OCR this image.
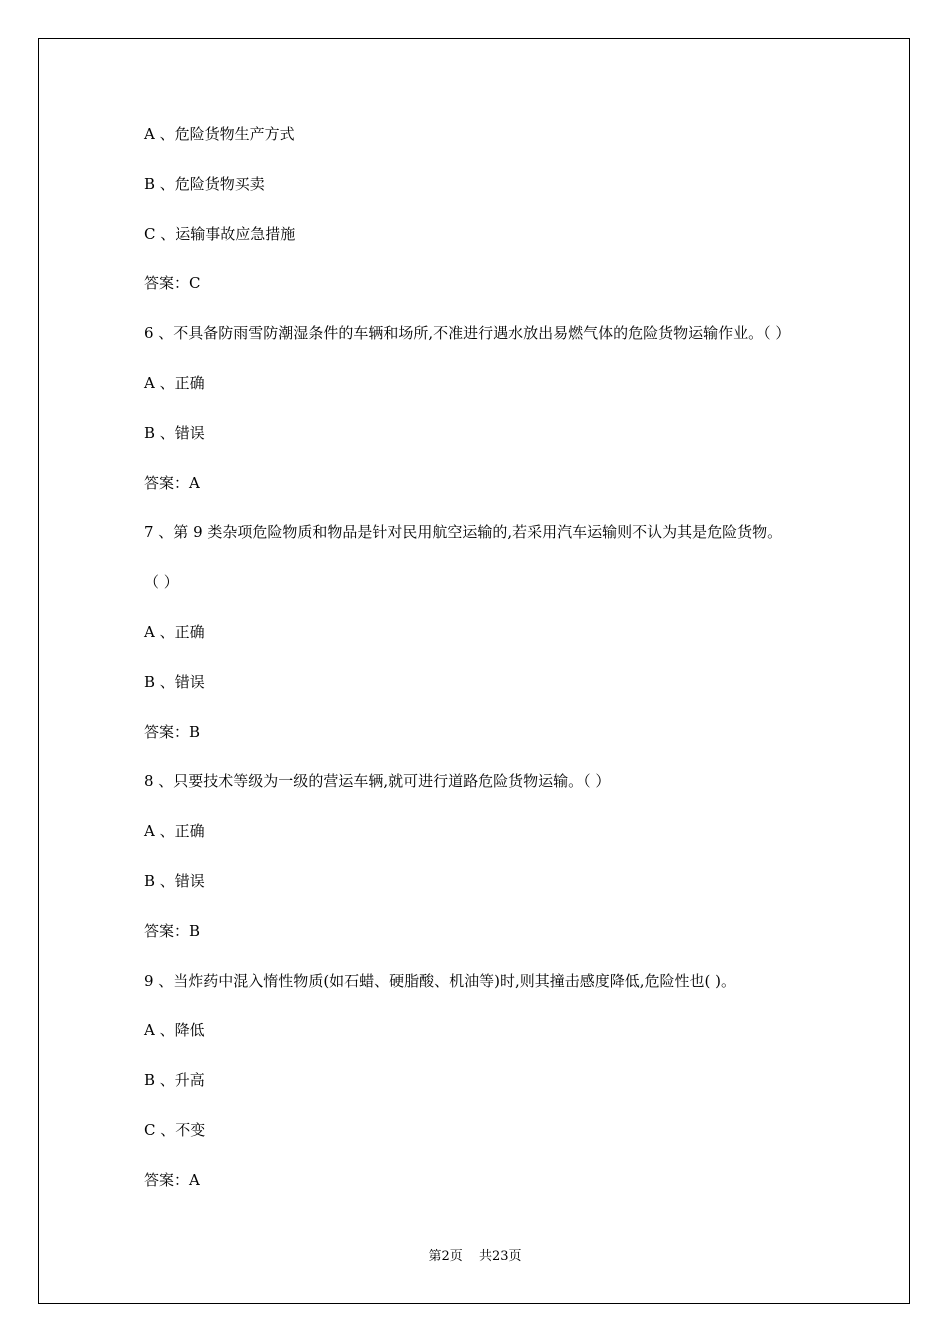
A 、危险货物生产方式
B 、危险货物买卖
C 、运输事故应急措施
答案：C
6 、不具备防雨雪防潮湿条件的车辆和场所,不准进行遇水放出易燃气体的危险货物运输作业。（ ）
A 、正确
B 、错误
答案：A
7 、第 9 类杂项危险物质和物品是针对民用航空运输的,若采用汽车运输则不认为其是危险货物。
（ ）
A 、正确
B 、错误
答案：B
8 、只要技术等级为一级的营运车辆,就可进行道路危险货物运输。（ ）
A 、正确
B 、错误
答案：B
9 、当炸药中混入惰性物质(如石蜡、硬脂酸、机油等)时,则其撞击感度降低,危险性也( )。
A 、降低
B 、升高
C 、不变
答案：A
第2页 共23页
